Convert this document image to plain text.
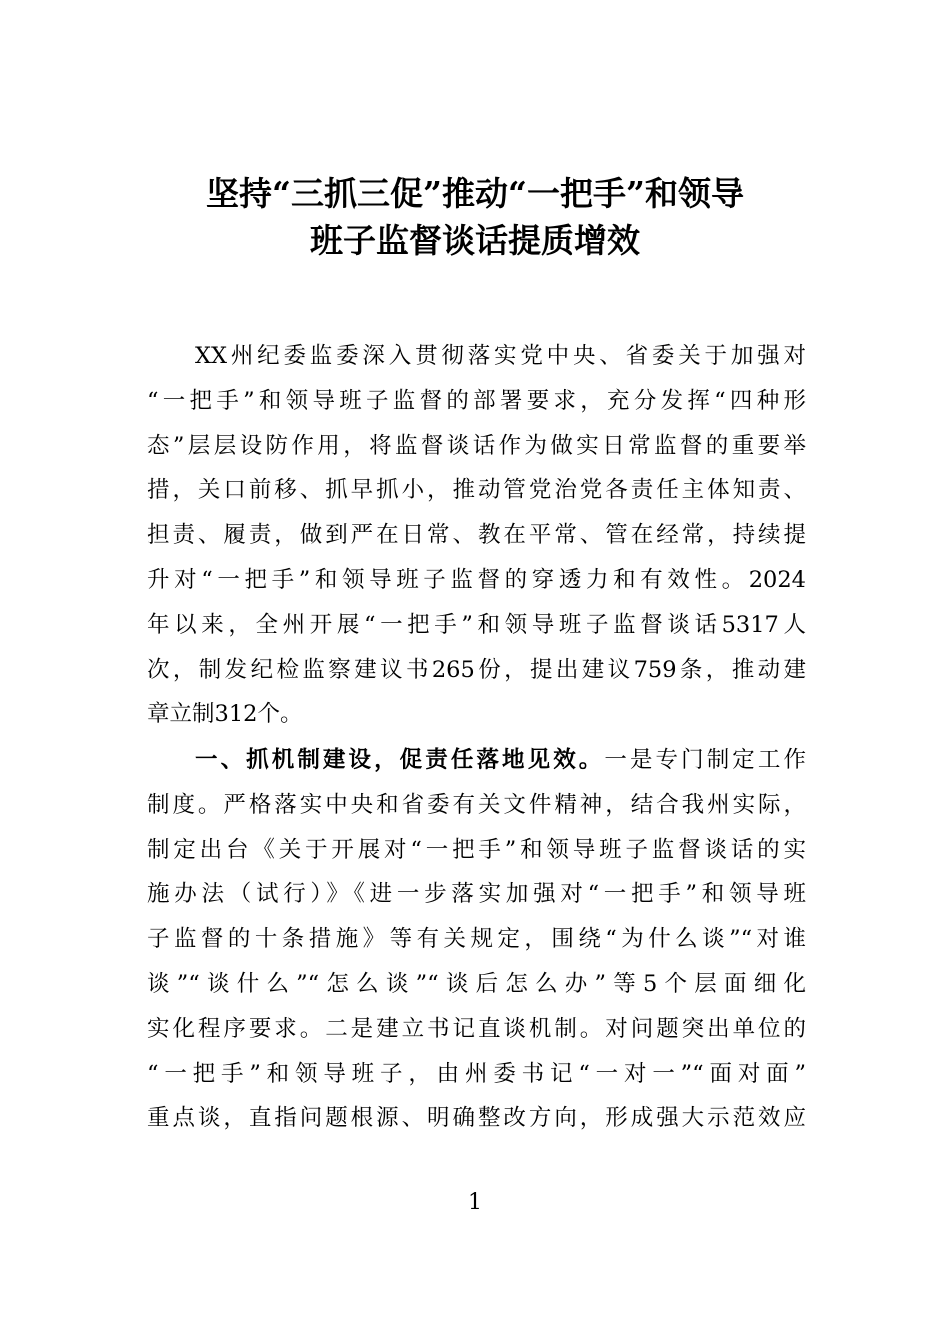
坚持“三抓三促”推动“一把手”和领导
班子监督谈话提质增效
XX州纪委监委深入贯彻落实党中央、省委关于加强对
“一把手”和领导班子监督的部署要求，充分发挥“四种形
态”层层设防作用，将监督谈话作为做实日常监督的重要举
措，关口前移、抓早抓小，推动管党治党各责任主体知责、
担责、履责，做到严在日常、教在平常、管在经常，持续提
升对“一把手”和领导班子监督的穿透力和有效性。2024
年以来，全州开展“一把手”和领导班子监督谈话5317人
次，制发纪检监察建议书265份，提出建议759条，推动建
章立制312个。
一、抓机制建设，促责任落地见效。一是专门制定工作
制度。严格落实中央和省委有关文件精神，结合我州实际，
制定出台《关于开展对“一把手”和领导班子监督谈话的实
施办法（试行）》《进一步落实加强对“一把手”和领导班
子监督的十条措施》等有关规定，围绕“为什么谈”“对谁
谈”“谈什么”“怎么谈”“谈后怎么办”等5个层面细化
实化程序要求。二是建立书记直谈机制。对问题突出单位的
“一把手”和领导班子，由州委书记“一对一”“面对面”
重点谈，直指问题根源、明确整改方向，形成强大示范效应
1
